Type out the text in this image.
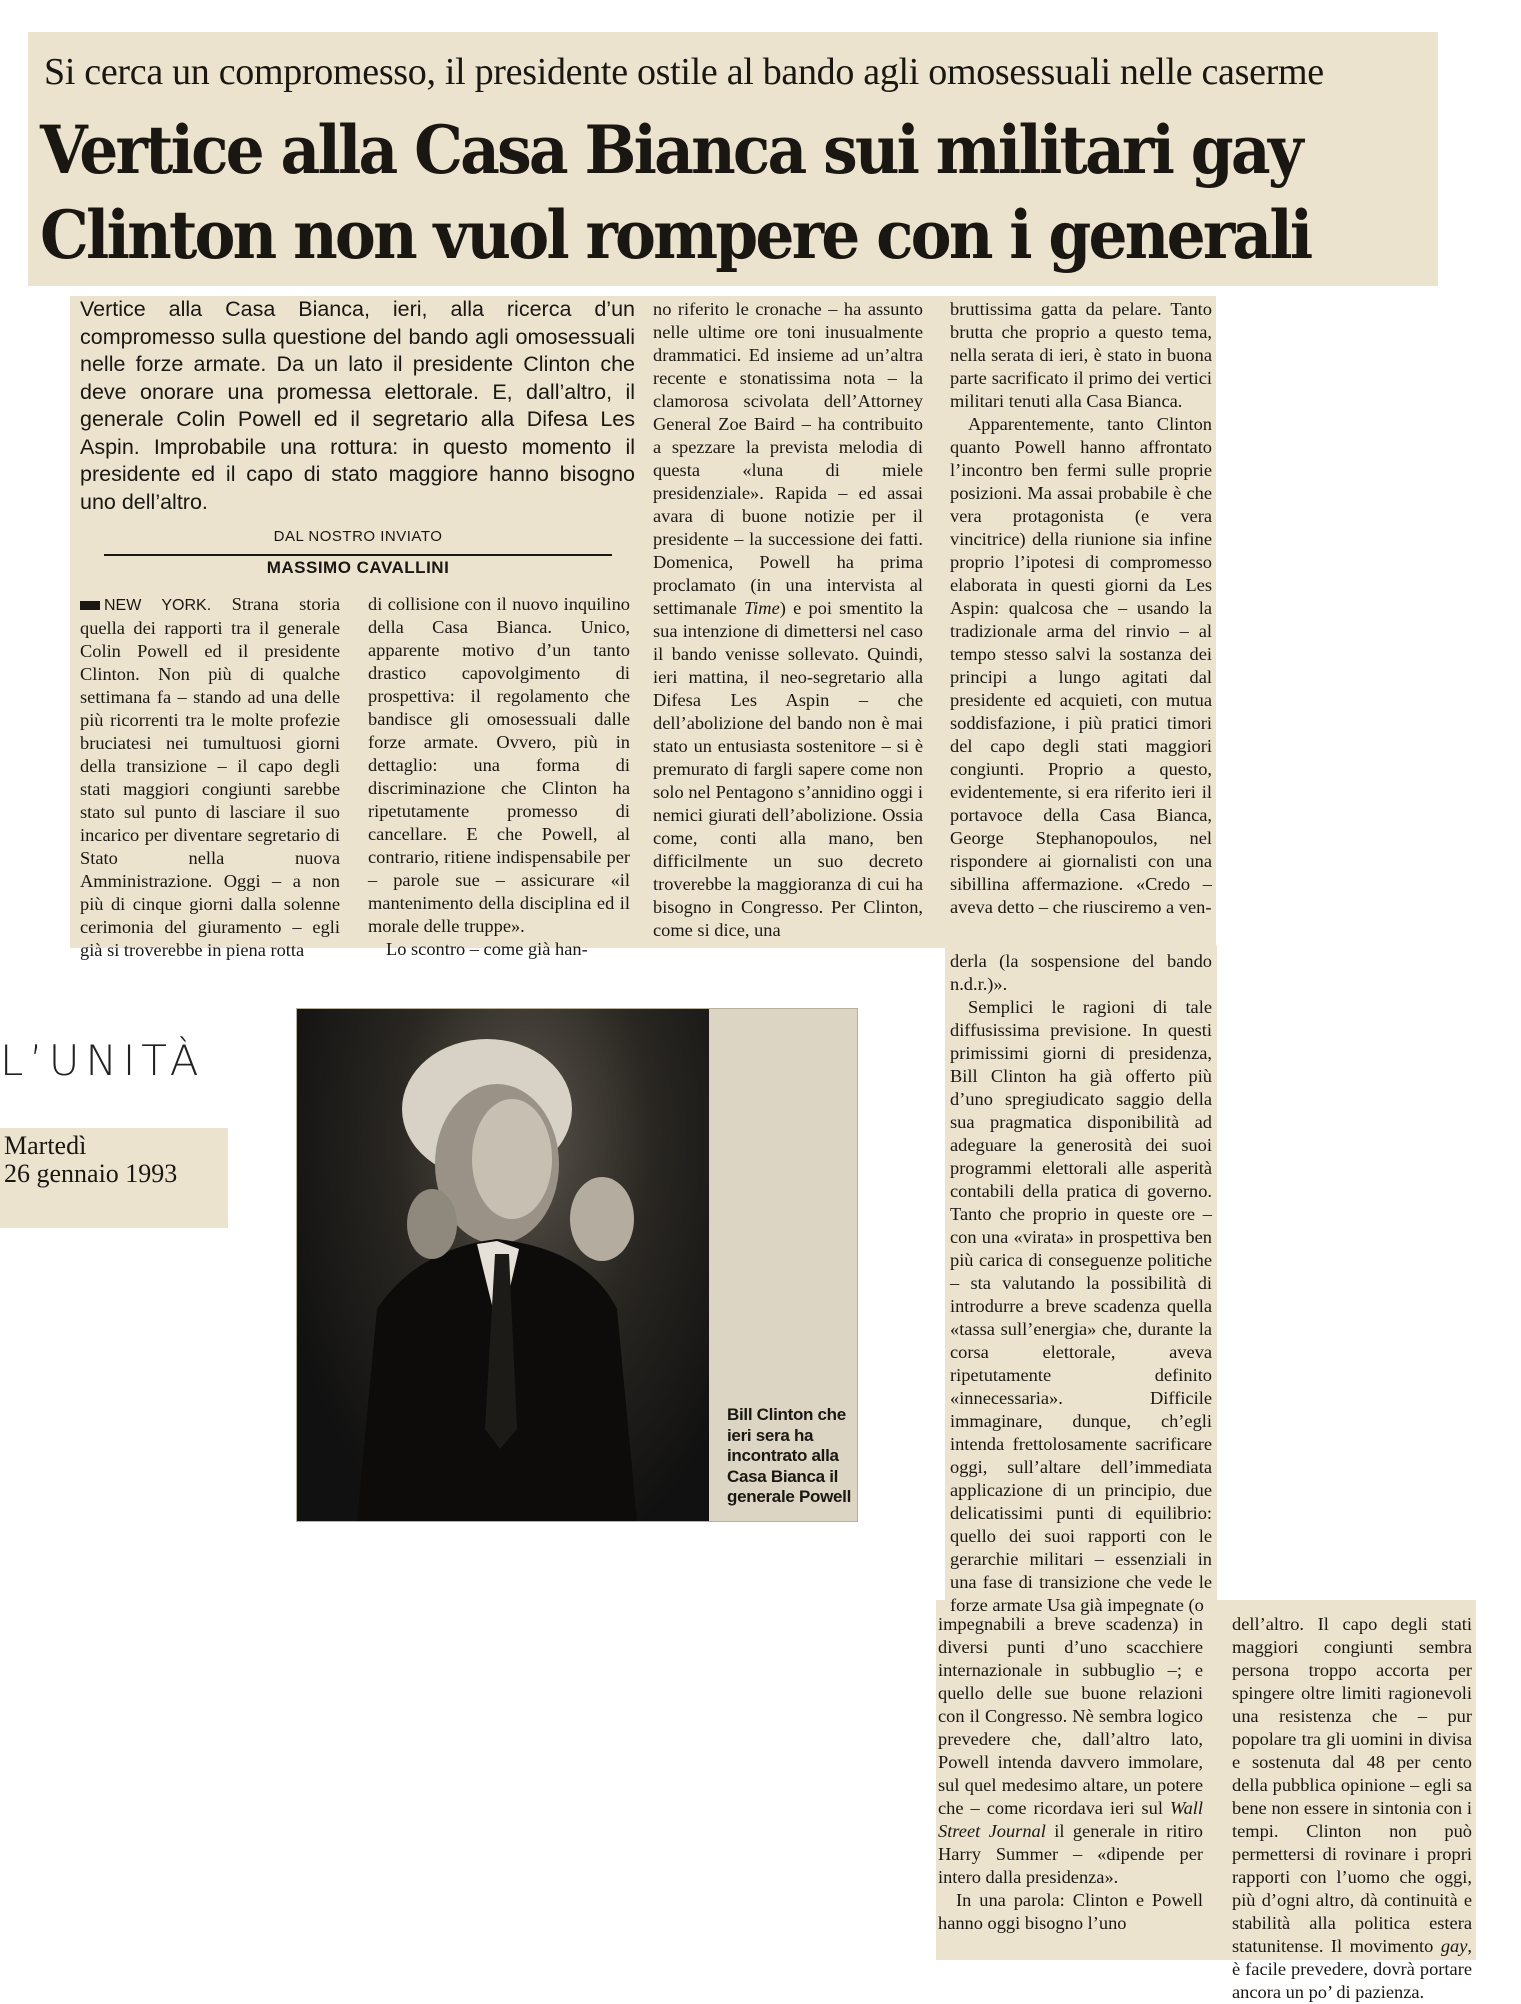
Si cerca un compromesso, il presidente ostile al bando agli omosessuali nelle caserme
Vertice alla Casa Bianca sui militari gay
Clinton non vuol rompere con i generali
Vertice alla Casa Bianca, ieri, alla ricerca d’un compromesso sulla questione del bando agli omosessuali nelle forze armate. Da un lato il presidente Clinton che deve onorare una promessa elettorale. E, dall’altro, il generale Colin Powell ed il segretario alla Difesa Les Aspin. Improbabile una rottura: in questo momento il presidente ed il capo di stato maggiore hanno bisogno uno dell’altro.
DAL NOSTRO INVIATO
MASSIMO CAVALLINI

NEW YORK. Strana storia quella dei rapporti tra il generale Colin Powell ed il presidente Clinton. Non più di qualche settimana fa – stando ad una delle più ricorrenti tra le molte profezie bruciatesi nei tumultuosi giorni della transizione – il capo degli stati maggiori congiunti sarebbe stato sul punto di lasciare il suo incarico per diventare segretario di Stato nella nuova Amministrazione. Oggi – a non più di cinque giorni dalla solenne cerimonia del giuramento – egli già si troverebbe in piena rotta

di collisione con il nuovo inquilino della Casa Bianca. Unico, apparente motivo d’un tanto drastico capovolgimento di prospettiva: il regolamento che bandisce gli omosessuali dalle forze armate. Ovvero, più in dettaglio: una forma di discriminazione che Clinton ha ripetutamente promesso di cancellare. E che Powell, al contrario, ritiene indispensabile per – parole sue – assicurare «il mantenimento della disciplina ed il morale delle truppe».

Lo scontro – come già han-

no riferito le cronache – ha assunto nelle ultime ore toni inusualmente drammatici. Ed insieme ad un’altra recente e stonatissima nota – la clamorosa scivolata dell’Attorney General Zoe Baird – ha contribuito a spezzare la prevista melodia di questa «luna di miele presidenziale». Rapida – ed assai avara di buone notizie per il presidente – la successione dei fatti. Domenica, Powell ha prima proclamato (in una intervista al settimanale Time) e poi smentito la sua intenzione di dimettersi nel caso il bando venisse sollevato. Quindi, ieri mattina, il neo-segretario alla Difesa Les Aspin – che dell’abolizione del bando non è mai stato un entusiasta sostenitore – si è premurato di fargli sapere come non solo nel Pentagono s’annidino oggi i nemici giurati dell’abolizione. Ossia come, conti alla mano, ben difficilmente un suo decreto troverebbe la maggioranza di cui ha bisogno in Congresso. Per Clinton, come si dice, una

bruttissima gatta da pelare. Tanto brutta che proprio a questo tema, nella serata di ieri, è stato in buona parte sacrificato il primo dei vertici militari tenuti alla Casa Bianca.

Apparentemente, tanto Clinton quanto Powell hanno affrontato l’incontro ben fermi sulle proprie posizioni. Ma assai probabile è che vera protagonista (e vera vincitrice) della riunione sia infine proprio l’ipotesi di compromesso elaborata in questi giorni da Les Aspin: qualcosa che – usando la tradizionale arma del rinvio – al tempo stesso salvi la sostanza dei principi a lungo agitati dal presidente ed acquieti, con mutua soddisfazione, i più pratici timori del capo degli stati maggiori congiunti. Proprio a questo, evidentemente, si era riferito ieri il portavoce della Casa Bianca, George Stephanopoulos, nel rispondere ai giornalisti con una sibillina affermazione. «Credo – aveva detto – che riusciremo a ven-

derla (la sospensione del bando n.d.r.)».

Semplici le ragioni di tale diffusissima previsione. In questi primissimi giorni di presidenza, Bill Clinton ha già offerto più d’uno spregiudicato saggio della sua pragmatica disponibilità ad adeguare la generosità dei suoi programmi elettorali alle asperità contabili della pratica di governo. Tanto che proprio in queste ore – con una «virata» in prospettiva ben più carica di conseguenze politiche – sta valutando la possibilità di introdurre a breve scadenza quella «tassa sull’energia» che, durante la corsa elettorale, aveva ripetutamente definito «innecessaria». Difficile immaginare, dunque, ch’egli intenda frettolosamente sacrificare oggi, sull’altare dell’immediata applicazione di un principio, due delicatissimi punti di equilibrio: quello dei suoi rapporti con le gerarchie militari – essenziali in una fase di transizione che vede le forze armate Usa già impegnate (o

impegnabili a breve scadenza) in diversi punti d’uno scacchiere internazionale in subbuglio –; e quello delle sue buone relazioni con il Congresso. Nè sembra logico prevedere che, dall’altro lato, Powell intenda davvero immolare, sul quel medesimo altare, un potere che – come ricordava ieri sul Wall Street Journal il generale in ritiro Harry Summer – «dipende per intero dalla presidenza».

In una parola: Clinton e Powell hanno oggi bisogno l’uno

dell’altro. Il capo degli stati maggiori congiunti sembra persona troppo accorta per spingere oltre limiti ragionevoli una resistenza che – pur popolare tra gli uomini in divisa e sostenuta dal 48 per cento della pubblica opinione – egli sa bene non essere in sintonia con i tempi. Clinton non può permettersi di rovinare i propri rapporti con l’uomo che oggi, più d’ogni altro, dà continuità e stabilità alla politica estera statunitense. Il movimento gay, è facile prevedere, dovrà portare ancora un po’ di pazienza.

Bill Clinton che ieri sera ha incontrato alla Casa Bianca il generale Powell
L’UNITÀ
Martedì
26 gennaio 1993
